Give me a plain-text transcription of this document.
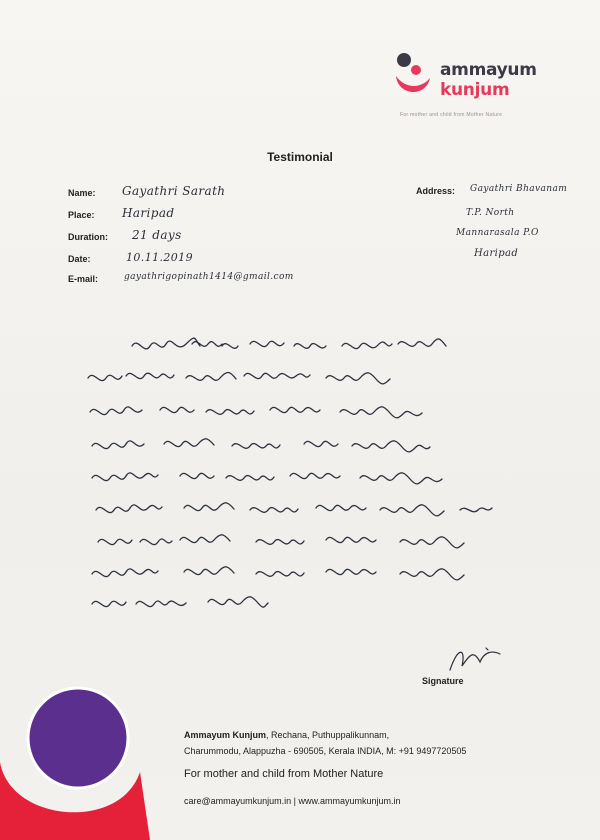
ammayum
kunjum
For mother and child from Mother Nature
Testimonial
Name: Gayathri Sarath
Place: Haripad
Duration: 21 days
Date:	10.11.2019
E-mail:	gayathrigopinath1414@gmail.com
Address: Gayathri Bhavanam
T.P. North
Mannarasala P.O
Haripad
Signature
Ammayum Kunjum, Rechana, Puthuppalikunnam,
Charummodu, Alappuzha - 690505, Kerala INDIA, M: +91 9497720505
For mother and child from Mother Nature
care@ammayumkunjum.in | www.ammayumkunjum.in
